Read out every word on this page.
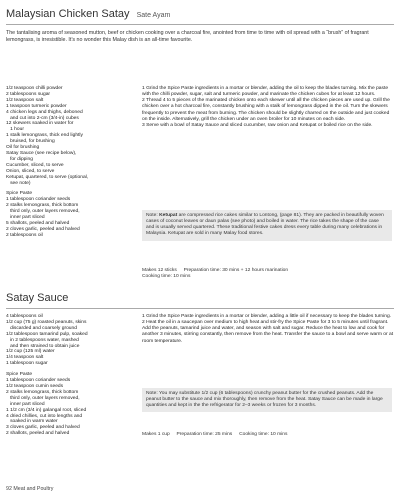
Malaysian Chicken Satay Sate Ayam
The tantalising aroma of seasoned mutton, beef or chicken cooking over a charcoal fire, anointed from time to time with oil spread with a “brush” of fragrant lemongrass, is irresistible. It’s no wonder this Malay dish is an all-time favourite.
1/2 teaspoon chilli powder
2 tablespoons sugar
1/2 teaspoon salt
1 teaspoon turmeric powder
4 chicken legs and thighs, deboned
and cut into 2-cm (3/4-in) cubes
12 skewers soaked in water for
1 hour
1 stalk lemongrass, thick end lightly
bruised, for brushing
Oil for brushing
Satay Sauce (see recipe below),
for dipping
Cucumber, sliced, to serve
Onion, sliced, to serve
Ketupat, quartered, to serve (optional,
see note)
Spice Paste
1 tablespoon coriander seeds
2 stalks lemongrass, thick bottom
third only, outer layers removed,
inner part sliced
5 shallots, peeled and halved
2 cloves garlic, peeled and halved
2 tablespoons oil
1 Grind the Spice Paste ingredients in a mortar or blender, adding the oil to keep the blades turning. Mix the paste with the chilli powder, sugar, salt and turmeric powder, and marinate the chicken cubes for at least 12 hours.
2 Thread 4 to 5 pieces of the marinated chicken onto each skewer until all the chicken pieces are used up. Grill the chicken over a hot charcoal fire, constantly brushing with a stalk of lemongrass dipped in the oil. Turn the skewers frequently to prevent the meat from burning. The chicken should be slightly charred on the outside and just cooked on the inside. Alternatively, grill the chicken under an oven broiler for 10 minutes on each side.
3 Serve with a bowl of Satay Sauce and sliced cucumber, raw onion and Ketupat or boiled rice on the side.
Note: Ketupat are compressed rice cakes similar to Lontong, (page 81). They are packed in beautifully woven cases of coconut leaves or daun palas (see photo) and boiled in water. The rice takes the shape of the case and is usually served quartered. These traditional festive cakes dress every table during many celebrations in Malaysia. Ketupat are sold in many Malay food stores.
Makes 12 sticks Preparation time: 30 mins + 12 hours marination
Cooking time: 10 mins
Satay Sauce
4 tablespoons oil
1/2 cup (75 g) roasted peanuts, skins
discarded and coarsely ground
1/2 tablespoon tamarind pulp, soaked
in 2 tablespoons water, mashed
and then strained to obtain juice
1/2 cup (125 ml) water
1/4 teaspoon salt
1 tablespoon sugar
Spice Paste
1 tablespoon coriander seeds
1/2 teaspoon cumin seeds
2 stalks lemongrass, thick bottom
third only, outer layers removed,
inner part sliced
1 1/2 cm (3/4 in) galangal root, sliced
4 dried chillies, cut into lengths and
soaked in warm water
3 cloves garlic, peeled and halved
2 shallots, peeled and halved
1 Grind the Spice Paste ingredients in a mortar or blender, adding a little oil if necessary to keep the blades turning.
2 Heat the oil in a saucepan over medium to high heat and stir-fry the Spice Paste for 3 to 5 minutes until fragrant. Add the peanuts, tamarind juice and water, and season with salt and sugar. Reduce the heat to low and cook for another 3 minutes, stirring constantly, then remove from the heat. Transfer the sauce to a bowl and serve warm or at room temperature.
Note: You may substitute 1/2 cup (6 tablespoons) crunchy peanut butter for the crushed peanuts. Add the peanut butter to the sauce and mix thoroughly, then remove from the heat. Satay Sauce can be made in large quantities and kept in the the refrigerator for 2–3 weeks or frozen for 3 months.
Makes 1 cup Preparation time: 25 mins Cooking time: 10 mins
92 Meat and Poultry
